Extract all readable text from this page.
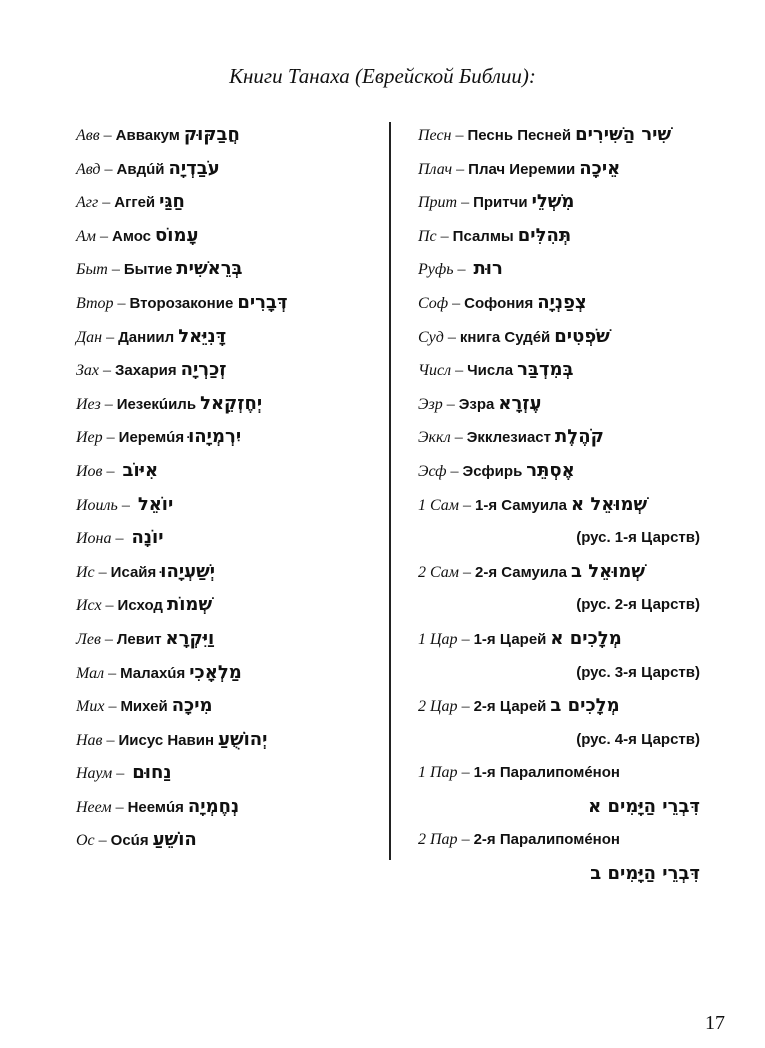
Книги Танаха (Еврейской Библии):
Авв – Аввакум חֲבַקּוּק
Авд – Авдúй עֹבַדְיָה
Агг – Аггей חַגַּי
Ам – Амос עָמוֹס
Быт – Бытие בְּרֵאשִׁית
Втор – Второзаконие דְּבָרִים
Дан – Даниил דָּנִיֵּאל
Зах – Захария זְכַרְיָה
Иез – Иезекúиль יְחֶזְקֵאל
Иер – Иеремúя יִרְמְיָהוּ
Иов – אִיּוֹב
Иоиль – יוֹאֵל
Иона – יוֹנָה
Ис – Исайя יְשַׁעְיָהוּ
Исх – Исход שְׁמוֹת
Лев – Левит וַיִּקְרָא
Мал – Малахúя מַלְאָכִי
Мих – Михей מִיכָה
Нав – Иисус Навин יְהוֹשֻׁעַ
Наум – נַחוּם
Неем – Неемúя נְחֶמְיָה
Ос – Осúя הוֹשֵׁעַ
Песн – Песнь Песней שִׁיר הַשִּׁירִים
Плач – Плач Иеремии אֵיכָה
Прит – Притчи מִשְׁלֵי
Пс – Псалмы תְּהִלִּים
Руфь – רוּת
Соф – Софония צְפַנְיָה
Суд – книга Судéй שֹׁפְטִים
Числ – Числа בְּמִדְבַּר
Эзр – Эзра עֶזְרָא
Эккл – Экклезиаст קֹהֶלֶת
Эсф – Эсфирь אֶסְתֵּר
1 Сам – 1-я Самуила שְׁמוּאֵל א
(рус. 1-я Царств)
2 Сам – 2-я Самуила שְׁמוּאֵל ב
(рус. 2-я Царств)
1 Цар – 1-я Царей מְלָכִים א
(рус. 3-я Царств)
2 Цар – 2-я Царей מְלָכִים ב
(рус. 4-я Царств)
1 Пар – 1-я Паралипомéнон
דִּבְרֵי הַיָּמִים א
2 Пар – 2-я Паралипомéнон
דִּבְרֵי הַיָּמִים ב
17
